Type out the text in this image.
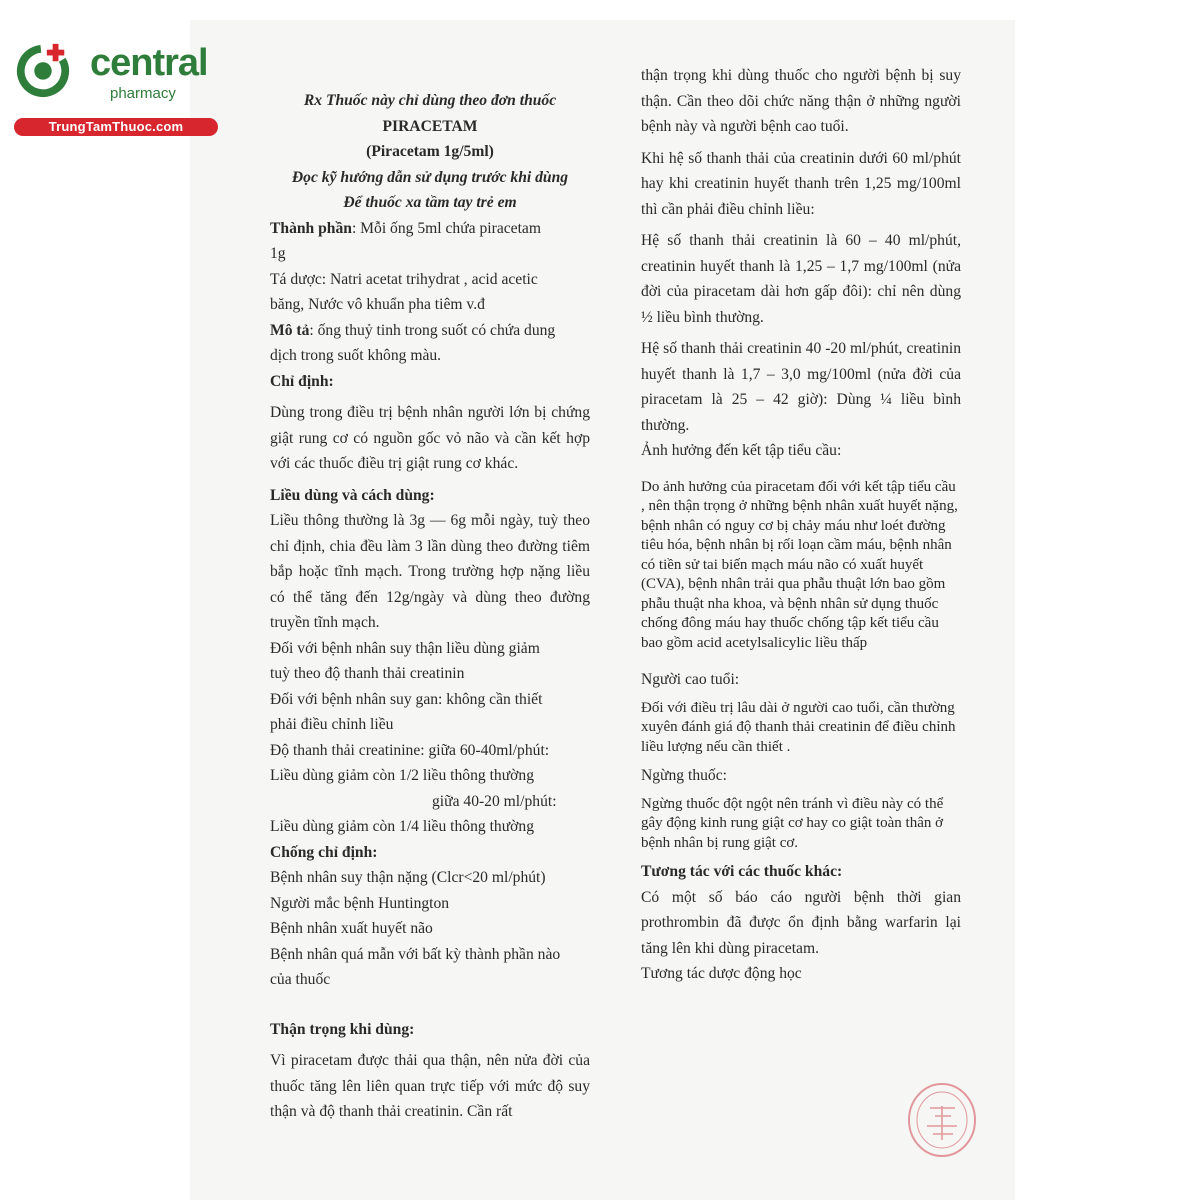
central
pharmacy
TrungTamThuoc.com
Rx Thuốc này chỉ dùng theo đơn thuốc
PIRACETAM
(Piracetam 1g/5ml)
Đọc kỹ hướng dẫn sử dụng trước khi dùng
Để thuốc xa tầm tay trẻ em
Thành phần: Mỗi ống 5ml chứa piracetam
1g
Tá dược: Natri acetat trihydrat , acid acetic
băng, Nước vô khuẩn pha tiêm v.đ
Mô tả: ống thuỷ tinh trong suốt có chứa dung
dịch trong suốt không màu.
Chỉ định:

Dùng trong điều trị bệnh nhân người lớn bị chứng giật rung cơ có nguồn gốc vỏ não và cần kết hợp với các thuốc điều trị giật rung cơ khác.

Liều dùng và cách dùng:

Liều thông thường là 3g — 6g mỗi ngày, tuỳ theo chỉ định, chia đều làm 3 lần dùng theo đường tiêm bắp hoặc tĩnh mạch. Trong trường hợp nặng liều có thể tăng đến 12g/ngày và dùng theo đường truyền tĩnh mạch.

Đối với bệnh nhân suy thận liều dùng giảm
tuỳ theo độ thanh thải creatinin
Đối với bệnh nhân suy gan: không cần thiết
phải điều chỉnh liều
Độ thanh thải creatinine: giữa 60-40ml/phút:
Liều dùng giảm còn 1/2 liều thông thường
giữa 40-20 ml/phút:
Liều dùng giảm còn 1/4 liều thông thường
Chống chỉ định:
Bệnh nhân suy thận nặng (Clcr<20 ml/phút)
Người mắc bệnh Huntington
Bệnh nhân xuất huyết não
Bệnh nhân quá mẫn với bất kỳ thành phần nào
của thuốc
Thận trọng khi dùng:

Vì piracetam được thải qua thận, nên nửa đời của thuốc tăng lên liên quan trực tiếp với mức độ suy thận và độ thanh thải creatinin. Cần rất

thận trọng khi dùng thuốc cho người bệnh bị suy thận. Cần theo dõi chức năng thận ở những người bệnh này và người bệnh cao tuổi.

Khi hệ số thanh thải của creatinin dưới 60 ml/phút hay khi creatinin huyết thanh trên 1,25 mg/100ml thì cần phải điều chỉnh liều:

Hệ số thanh thải creatinin là 60 – 40 ml/phút, creatinin huyết thanh là 1,25 – 1,7 mg/100ml (nửa đời của piracetam dài hơn gấp đôi): chỉ nên dùng ½ liều bình thường.

Hệ số thanh thải creatinin 40 -20 ml/phút, creatinin huyết thanh là 1,7 – 3,0 mg/100ml (nửa đời của piracetam là 25 – 42 giờ): Dùng ¼ liều bình thường.

Ảnh hưởng đến kết tập tiểu cầu:

Do ảnh hưởng của piracetam đối với kết tập tiểu cầu , nên thận trọng ở những bệnh nhân xuất huyết nặng, bệnh nhân có nguy cơ bị chảy máu như loét đường tiêu hóa, bệnh nhân bị rối loạn cầm máu, bệnh nhân có tiền sử tai biến mạch máu não có xuất huyết (CVA), bệnh nhân trải qua phẫu thuật lớn bao gồm phẫu thuật nha khoa, và bệnh nhân sử dụng thuốc chống đông máu hay thuốc chống tập kết tiểu cầu bao gồm acid acetylsalicylic liều thấp

Người cao tuổi:

Đối với điều trị lâu dài ở người cao tuổi, cần thường xuyên đánh giá độ thanh thải creatinin để điều chỉnh liều lượng nếu cần thiết .

Ngừng thuốc:

Ngừng thuốc đột ngột nên tránh vì điều này có thể gây động kinh rung giật cơ hay co giật toàn thân ở bệnh nhân bị rung giật cơ.

Tương tác với các thuốc khác:

Có một số báo cáo người bệnh thời gian prothrombin đã được ổn định bằng warfarin lại tăng lên khi dùng piracetam.

Tương tác dược động học
